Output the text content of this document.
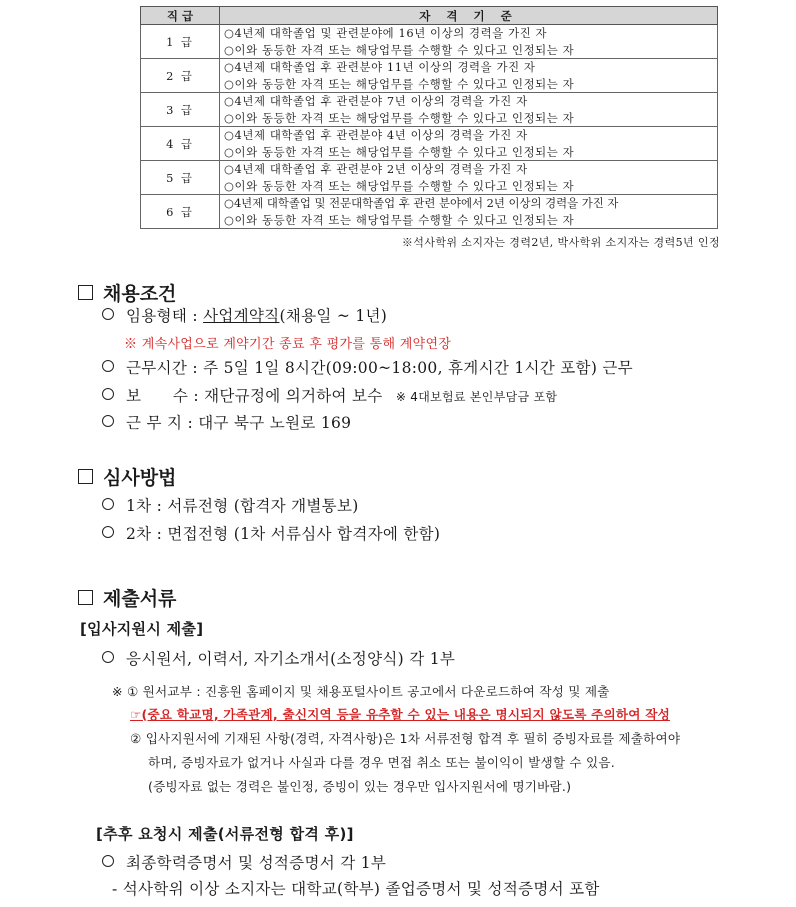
직 급	자 격 기 준
1 급	○4년제 대학졸업 및 관련분야에 16년 이상의 경력을 가진 자
○이와 동등한 자격 또는 해당업무를 수행할 수 있다고 인정되는 자

2 급	○4년제 대학졸업 후 관련분야 11년 이상의 경력을 가진 자
○이와 동등한 자격 또는 해당업무를 수행할 수 있다고 인정되는 자

3 급	○4년제 대학졸업 후 관련분야 7년 이상의 경력을 가진 자
○이와 동등한 자격 또는 해당업무를 수행할 수 있다고 인정되는 자

4 급	○4년제 대학졸업 후 관련분야 4년 이상의 경력을 가진 자
○이와 동등한 자격 또는 해당업무를 수행할 수 있다고 인정되는 자

5 급	○4년제 대학졸업 후 관련분야 2년 이상의 경력을 가진 자
○이와 동등한 자격 또는 해당업무를 수행할 수 있다고 인정되는 자

6 급	○4년제 대학졸업 및 전문대학졸업 후 관련 분야에서 2년 이상의 경력을 가진 자
○이와 동등한 자격 또는 해당업무를 수행할 수 있다고 인정되는 자
※석사학위 소지자는 경력2년, 박사학위 소지자는 경력5년 인정
채용조건
임용형태 : 사업계약직(채용일 ~ 1년)
※ 계속사업으로 계약기간 종료 후 평가를 통해 계약연장
근무시간 : 주 5일 1일 8시간(09:00~18:00, 휴게시간 1시간 포함) 근무
보　　수 : 재단규정에 의거하여 보수 ※ 4대보험료 본인부담금 포함
근 무 지 : 대구 북구 노원로 169
심사방법
1차 : 서류전형 (합격자 개별통보)
2차 : 면접전형 (1차 서류심사 합격자에 한함)
제출서류
[입사지원시 제출]
응시원서, 이력서, 자기소개서(소정양식) 각 1부
※ ① 원서교부 : 진흥원 홈페이지 및 채용포털사이트 공고에서 다운로드하여 작성 및 제출
☞(중요 학교명, 가족관계, 출신지역 등을 유추할 수 있는 내용은 명시되지 않도록 주의하여 작성
② 입사지원서에 기재된 사항(경력, 자격사항)은 1차 서류전형 합격 후 필히 증빙자료를 제출하여야
하며, 증빙자료가 없거나 사실과 다를 경우 면접 취소 또는 불이익이 발생할 수 있음.
(증빙자료 없는 경력은 불인정, 증빙이 있는 경우만 입사지원서에 명기바람.)
[추후 요청시 제출(서류전형 합격 후)]
최종학력증명서 및 성적증명서 각 1부
- 석사학위 이상 소지자는 대학교(학부) 졸업증명서 및 성적증명서 포함
